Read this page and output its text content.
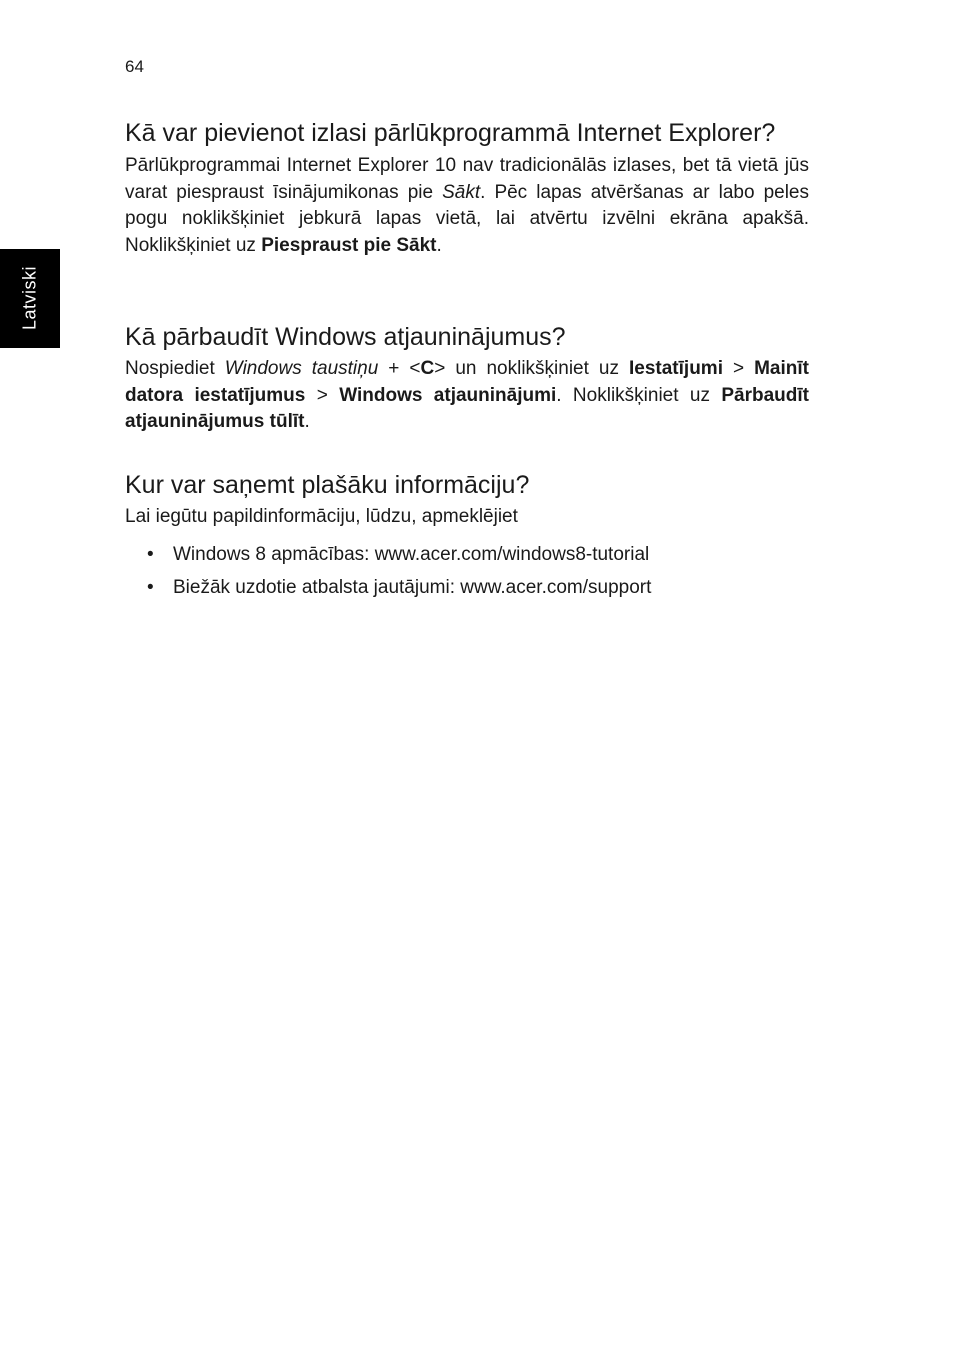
64
Latviski
Kā var pievienot izlasi pārlūkprogrammā Internet Explorer?

Pārlūkprogrammai Internet Explorer 10 nav tradicionālās izlases, bet tā vietā jūs varat piespraust īsinājumikonas pie Sākt. Pēc lapas atvēršanas ar labo peles pogu noklikšķiniet jebkurā lapas vietā, lai atvērtu izvēlni ekrāna apakšā. Noklikšķiniet uz Piespraust pie Sākt.

Kā pārbaudīt Windows atjauninājumus?

Nospiediet Windows taustiņu + <C> un noklikšķiniet uz Iestatījumi > Mainīt datora iestatījumus > Windows atjauninājumi. Noklikšķiniet uz Pārbaudīt atjauninājumus tūlīt.

Kur var saņemt plašāku informāciju?

Lai iegūtu papildinformāciju, lūdzu, apmeklējiet

• Windows 8 apmācības: www.acer.com/windows8-tutorial
• Biežāk uzdotie atbalsta jautājumi: www.acer.com/support
